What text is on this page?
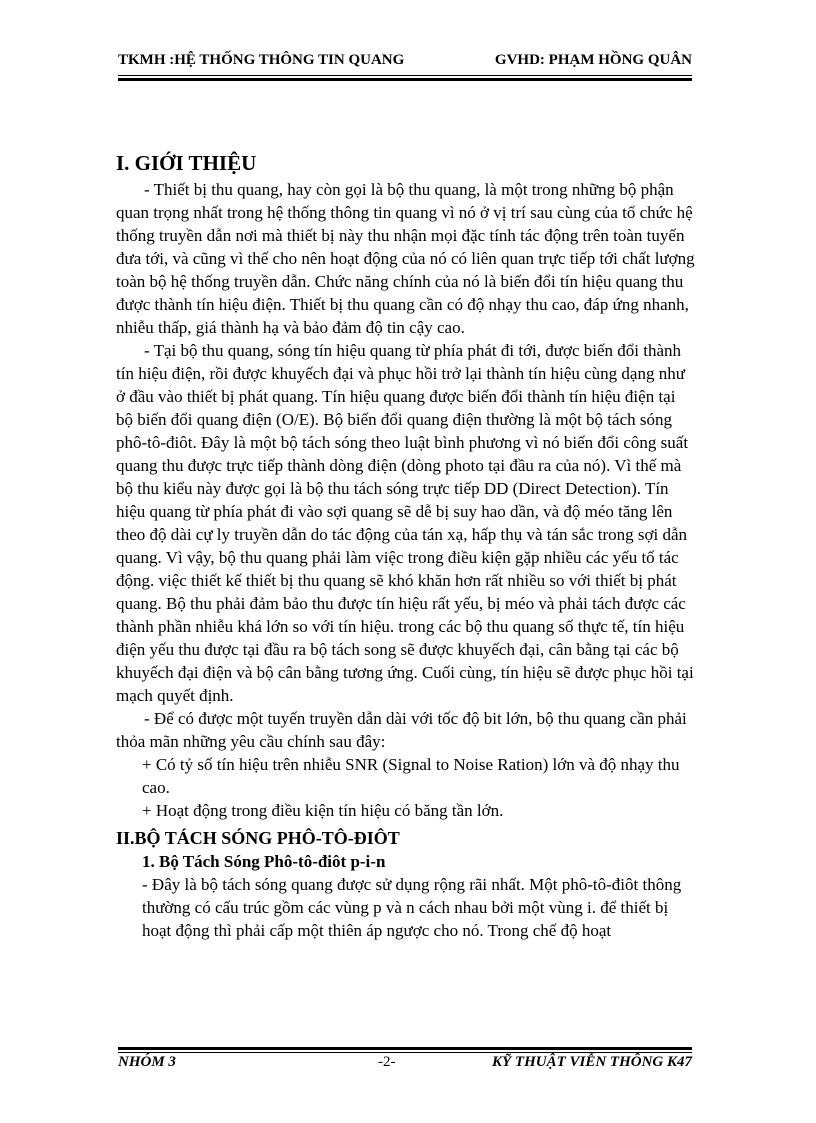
TKMH :HỆ THỐNG THÔNG TIN QUANG	GVHD: PHẠM HỒNG QUÂN
I. GIỚI THIỆU

- Thiết bị thu quang, hay còn gọi là bộ thu quang, là một trong những bộ phận quan trọng nhất trong hệ thống thông tin quang vì nó ở vị trí sau cùng của tổ chức hệ thống truyền dẫn nơi mà thiết bị này thu nhận mọi đặc tính tác động trên toàn tuyến đưa tới, và cũng vì thế cho nên hoạt động của nó có liên quan trực tiếp tới chất lượng toàn bộ hệ thống truyền dẫn. Chức năng chính của nó là biến đổi tín hiệu quang thu được thành tín hiệu điện. Thiết bị thu quang cần có độ nhạy thu cao, đáp ứng nhanh, nhiễu thấp, giá thành hạ và bảo đảm độ tin cậy cao.

- Tại bộ thu quang, sóng tín hiệu quang từ phía phát đi tới, được biến đổi thành tín hiệu điện, rồi được khuyếch đại và phục hồi trở lại thành tín hiệu cùng dạng như ở đầu vào thiết bị phát quang. Tín hiệu quang được biến đổi thành tín hiệu điện tại bộ biến đổi quang điện (O/E). Bộ biến đổi quang điện thường là một bộ tách sóng phô-tô-điôt. Đây là một bộ tách sóng theo luật bình phương vì nó biến đổi công suất quang thu được trực tiếp thành dòng điện (dòng photo tại đầu ra của nó). Vì thế mà bộ thu kiểu này được gọi là bộ thu tách sóng trực tiếp DD (Direct Detection). Tín hiệu quang từ phía phát đi vào sợi quang sẽ dễ bị suy hao dần, và độ méo tăng lên theo độ dài cự ly truyền dẫn do tác động của tán xạ, hấp thụ và tán sắc trong sợi dẫn quang. Vì vậy, bộ thu quang phải làm việc trong điều kiện gặp nhiều các yếu tố tác động. việc thiết kế thiết bị thu quang sẽ khó khăn hơn rất nhiều so với thiết bị phát quang. Bộ thu phải đảm bảo thu được tín hiệu rất yếu, bị méo và phải tách được các thành phần nhiễu khá lớn so với tín hiệu. trong các bộ thu quang số thực tế, tín hiệu điện yếu thu được tại đầu ra bộ tách song sẽ được khuyếch đại, cân bằng tại các bộ khuyếch đại điện và bộ cân bằng tương ứng. Cuối cùng, tín hiệu sẽ được phục hồi tại mạch quyết định.

- Để có được một tuyến truyền dẫn dài với tốc độ bit lớn, bộ thu quang cần phải thỏa mãn những yêu cầu chính sau đây:

+ Có tỷ số tín hiệu trên nhiễu SNR (Signal to Noise Ration) lớn và độ nhạy thu cao.

+ Hoạt động trong điều kiện tín hiệu có băng tần lớn.

II.BỘ TÁCH SÓNG PHÔ-TÔ-ĐIÔT
1. Bộ Tách Sóng Phô-tô-điôt p-i-n

- Đây là bộ tách sóng quang được sử dụng rộng rãi nhất. Một phô-tô-điôt thông thường có cấu trúc gồm các vùng p và n cách nhau bởi một vùng i. để thiết bị hoạt động thì phải cấp một thiên áp ngược cho nó. Trong chế độ hoạt

NHÓM 3	-2-	KỸ THUẬT VIỄN THÔNG K47
